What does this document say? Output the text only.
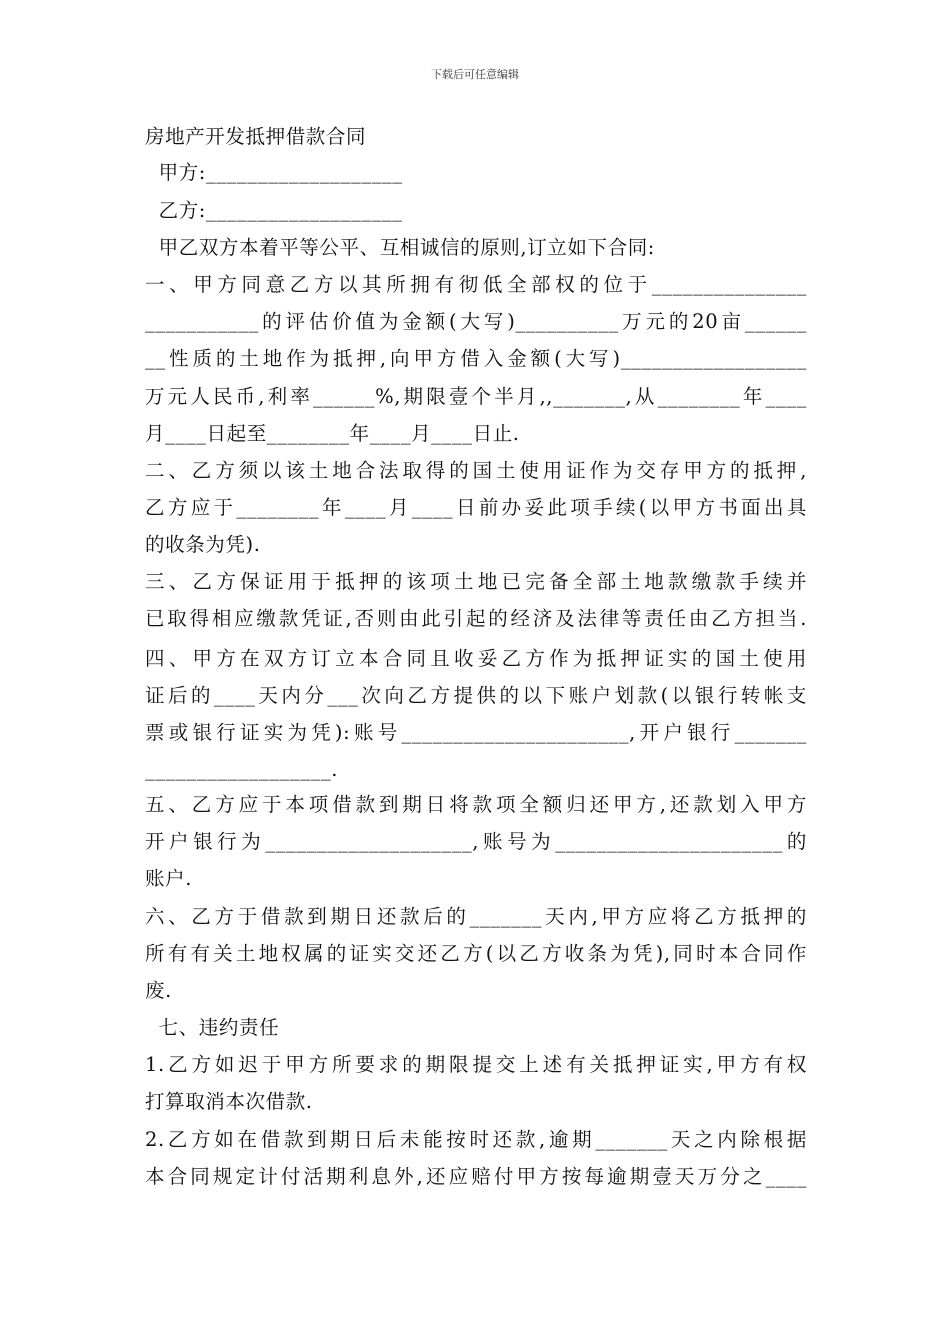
下载后可任意编辑
房地产开发抵押借款合同
甲方:___________________
乙方:___________________
甲乙双方本着平等公平、互相诚信的原则,订立如下合同:
一、甲方同意乙方以其所拥有彻低全部权的位于_______________
___________的评估价值为金额(大写)__________万元的20亩______
__性质的土地作为抵押,向甲方借入金额(大写)__________________
万元人民币,利率______%,期限壹个半月,,_______,从________年____
月____日起至________年____月____日止.
二、乙方须以该土地合法取得的国土使用证作为交存甲方的抵押,
乙方应于________年____月____日前办妥此项手续(以甲方书面出具
的收条为凭).
三、乙方保证用于抵押的该项土地已完备全部土地款缴款手续并
已取得相应缴款凭证,否则由此引起的经济及法律等责任由乙方担当.
四、甲方在双方订立本合同且收妥乙方作为抵押证实的国土使用
证后的____天内分___次向乙方提供的以下账户划款(以银行转帐支
票或银行证实为凭):账号______________________,开户银行_______
__________________.
五、乙方应于本项借款到期日将款项全额归还甲方,还款划入甲方
开户银行为____________________,账号为______________________的
账户.
六、乙方于借款到期日还款后的_______天内,甲方应将乙方抵押的
所有有关土地权属的证实交还乙方(以乙方收条为凭),同时本合同作
废.
七、违约责任
1.乙方如迟于甲方所要求的期限提交上述有关抵押证实,甲方有权
打算取消本次借款.
2.乙方如在借款到期日后未能按时还款,逾期_______天之内除根据
本合同规定计付活期利息外,还应赔付甲方按每逾期壹天万分之____
